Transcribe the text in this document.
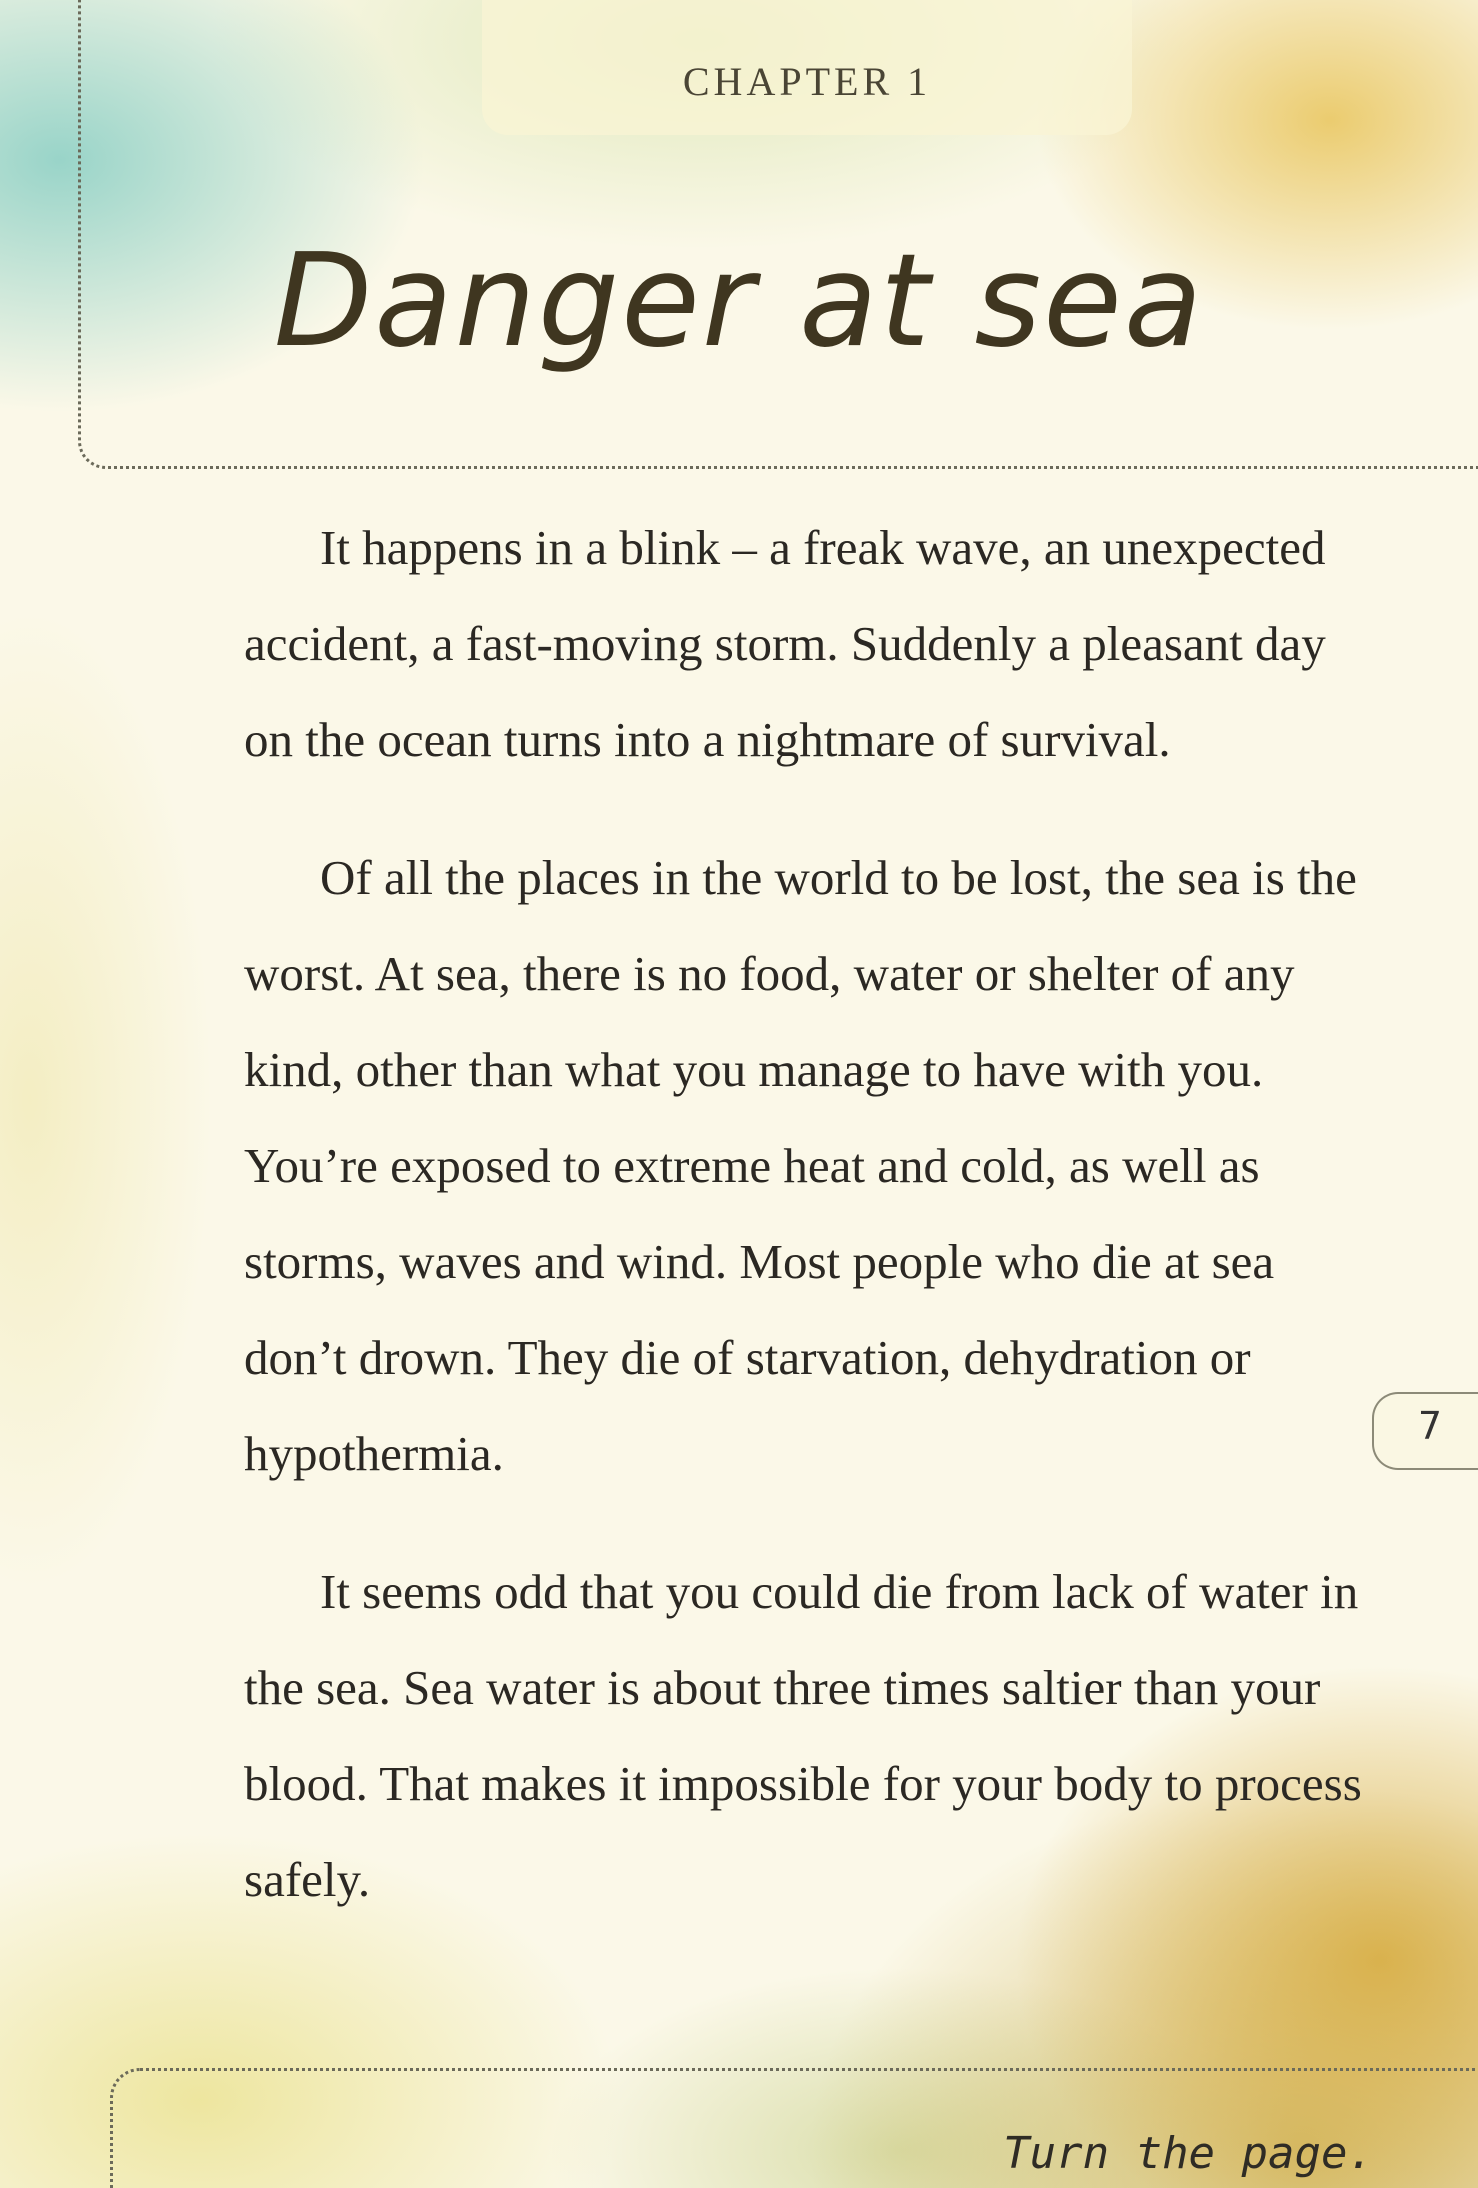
CHAPTER 1
Danger at sea

It happens in a blink – a freak wave, an unexpected accident, a fast-moving storm. Suddenly a pleasant day on the ocean turns into a nightmare of survival.

Of all the places in the world to be lost, the sea is the worst. At sea, there is no food, water or shelter of any kind, other than what you manage to have with you. You’re exposed to extreme heat and cold, as well as storms, waves and wind. Most people who die at sea don’t drown. They die of starvation, dehydration or hypothermia.

It seems odd that you could die from lack of water in the sea. Sea water is about three times saltier than your blood. That makes it impossible for your body to process safely.

7
Turn the page.
